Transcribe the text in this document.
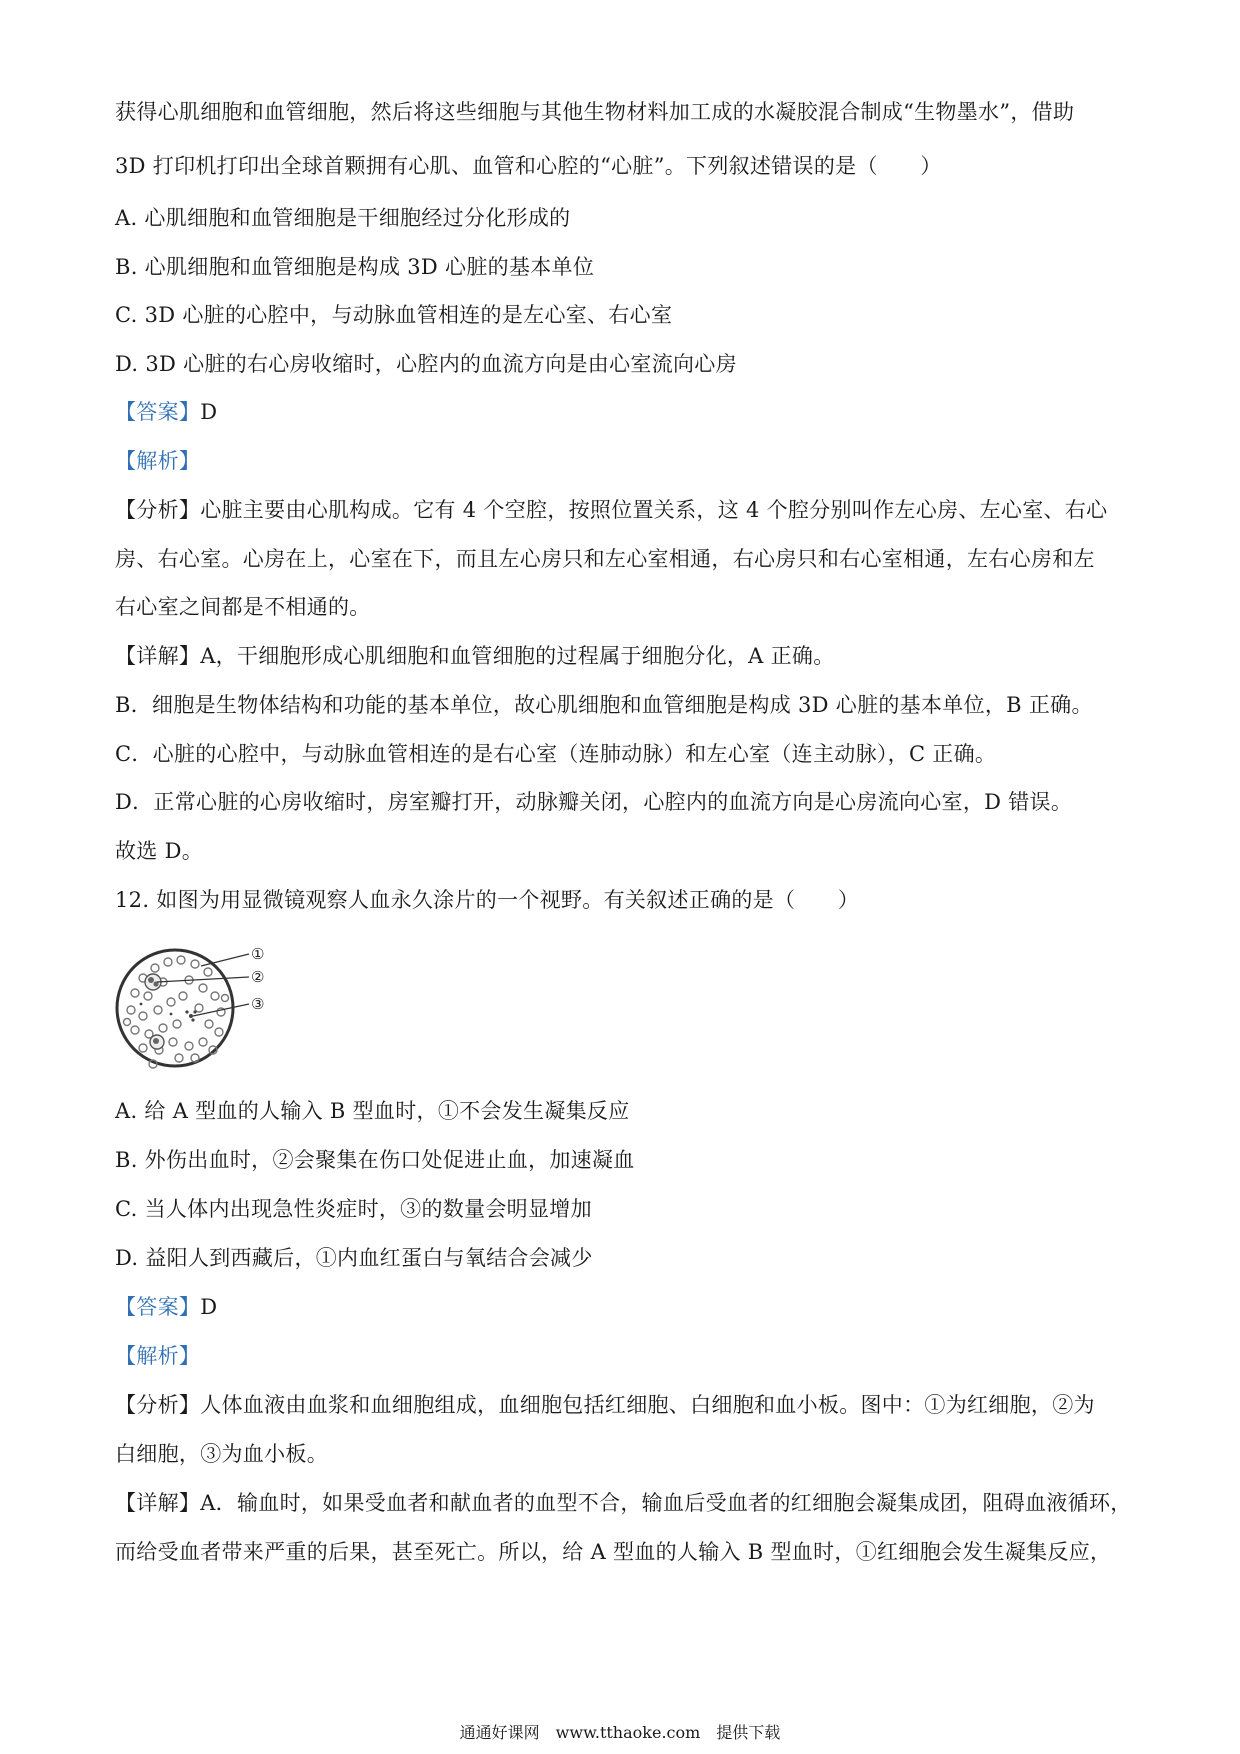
获得心肌细胞和血管细胞，然后将这些细胞与其他生物材料加工成的水凝胶混合制成“生物墨水”，借助
3D 打印机打印出全球首颗拥有心肌、血管和心腔的“心脏”。下列叙述错误的是（　　）
A. 心肌细胞和血管细胞是干细胞经过分化形成的
B. 心肌细胞和血管细胞是构成 3D 心脏的基本单位
C. 3D 心脏的心腔中，与动脉血管相连的是左心室、右心室
D. 3D 心脏的右心房收缩时，心腔内的血流方向是由心室流向心房
【答案】D
【解析】
【分析】心脏主要由心肌构成。它有 4 个空腔，按照位置关系，这 4 个腔分别叫作左心房、左心室、右心
房、右心室。心房在上，心室在下，而且左心房只和左心室相通，右心房只和右心室相通，左右心房和左
右心室之间都是不相通的。
【详解】A，干细胞形成心肌细胞和血管细胞的过程属于细胞分化，A 正确。
B．细胞是生物体结构和功能的基本单位，故心肌细胞和血管细胞是构成 3D 心脏的基本单位，B 正确。
C．心脏的心腔中，与动脉血管相连的是右心室（连肺动脉）和左心室（连主动脉），C 正确。
D．正常心脏的心房收缩时，房室瓣打开，动脉瓣关闭，心腔内的血流方向是心房流向心室，D 错误。
故选 D。
12. 如图为用显微镜观察人血永久涂片的一个视野。有关叙述正确的是（　　）
①
②
③
A. 给 A 型血的人输入 B 型血时，①不会发生凝集反应
B. 外伤出血时，②会聚集在伤口处促进止血，加速凝血
C. 当人体内出现急性炎症时，③的数量会明显增加
D. 益阳人到西藏后，①内血红蛋白与氧结合会减少
【答案】D
【解析】
【分析】人体血液由血浆和血细胞组成，血细胞包括红细胞、白细胞和血小板。图中：①为红细胞，②为
白细胞，③为血小板。
【详解】A．输血时，如果受血者和献血者的血型不合，输血后受血者的红细胞会凝集成团，阻碍血液循环，
而给受血者带来严重的后果，甚至死亡。所以，给 A 型血的人输入 B 型血时，①红细胞会发生凝集反应，
通通好课网　www.tthaoke.com　提供下载
